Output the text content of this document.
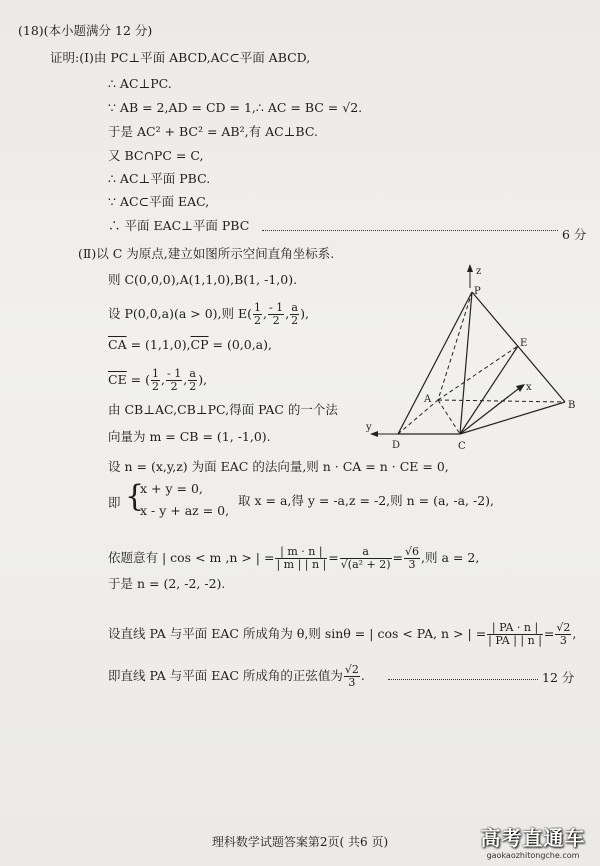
(18)(本小题满分 12 分)
证明:(Ⅰ)由 PC⊥平面 ABCD,AC⊂平面 ABCD,
∴ AC⊥PC.
∵ AB = 2,AD = CD = 1,∴ AC = BC = √2.
于是 AC² + BC² = AB²,有 AC⊥BC.
又 BC∩PC = C,
∴ AC⊥平面 PBC.
∵ AC⊂平面 EAC,
∴ 平面 EAC⊥平面 PBC
6 分
(Ⅱ)以 C 为原点,建立如图所示空间直角坐标系.
则 C(0,0,0),A(1,1,0),B(1, -1,0).
设 P(0,0,a)(a > 0),则 $E( \frac{1}{2}$ , $\frac{- 1}{2}$ , $\frac{a}{2}$ ),
$\overline{CA} = (1,1,0),\overline{CP} = (0,0,a)$,
$\overline{CE}$ = ( $\frac{1}{2}$ , $\frac{- 1}{2}$ , $\frac{a}{2}$ ),
由 CB⊥AC,CB⊥PC,得面 PAC 的一个法
向量为 m = CB = (1, -1,0).
设 n = (x,y,z) 为面 EAC 的法向量,则 n · CA = n · CE = 0,
即 {
x + y = 0,
x - y + az = 0,
取 x = a,得 y = -a,z = -2,则 n = (a, -a, -2),
依题意有 | cos < m ,n > | = $\frac{| m \cdot n |}{| m | | n |} = \frac{a}{\text{√(a² + 2)}} = \frac{√6}{3}$ ,则 a = 2,
于是 n = (2, -2, -2).
设直线 PA 与平面 EAC 所成角为 θ,则 sinθ = | cos < PA, n > | = $\frac{| PA \cdot n |}{| PA | | n |} = \frac{√2}{3}$ ,
即直线 PA 与平面 EAC 所成角的正弦值为 $\frac{√2}{3}$ .	12 分
z
x
y
P
E
A
B
C
D
理科数学试题答案第2页( 共6 页)	高考直通车
gaokaozhitongche.com
